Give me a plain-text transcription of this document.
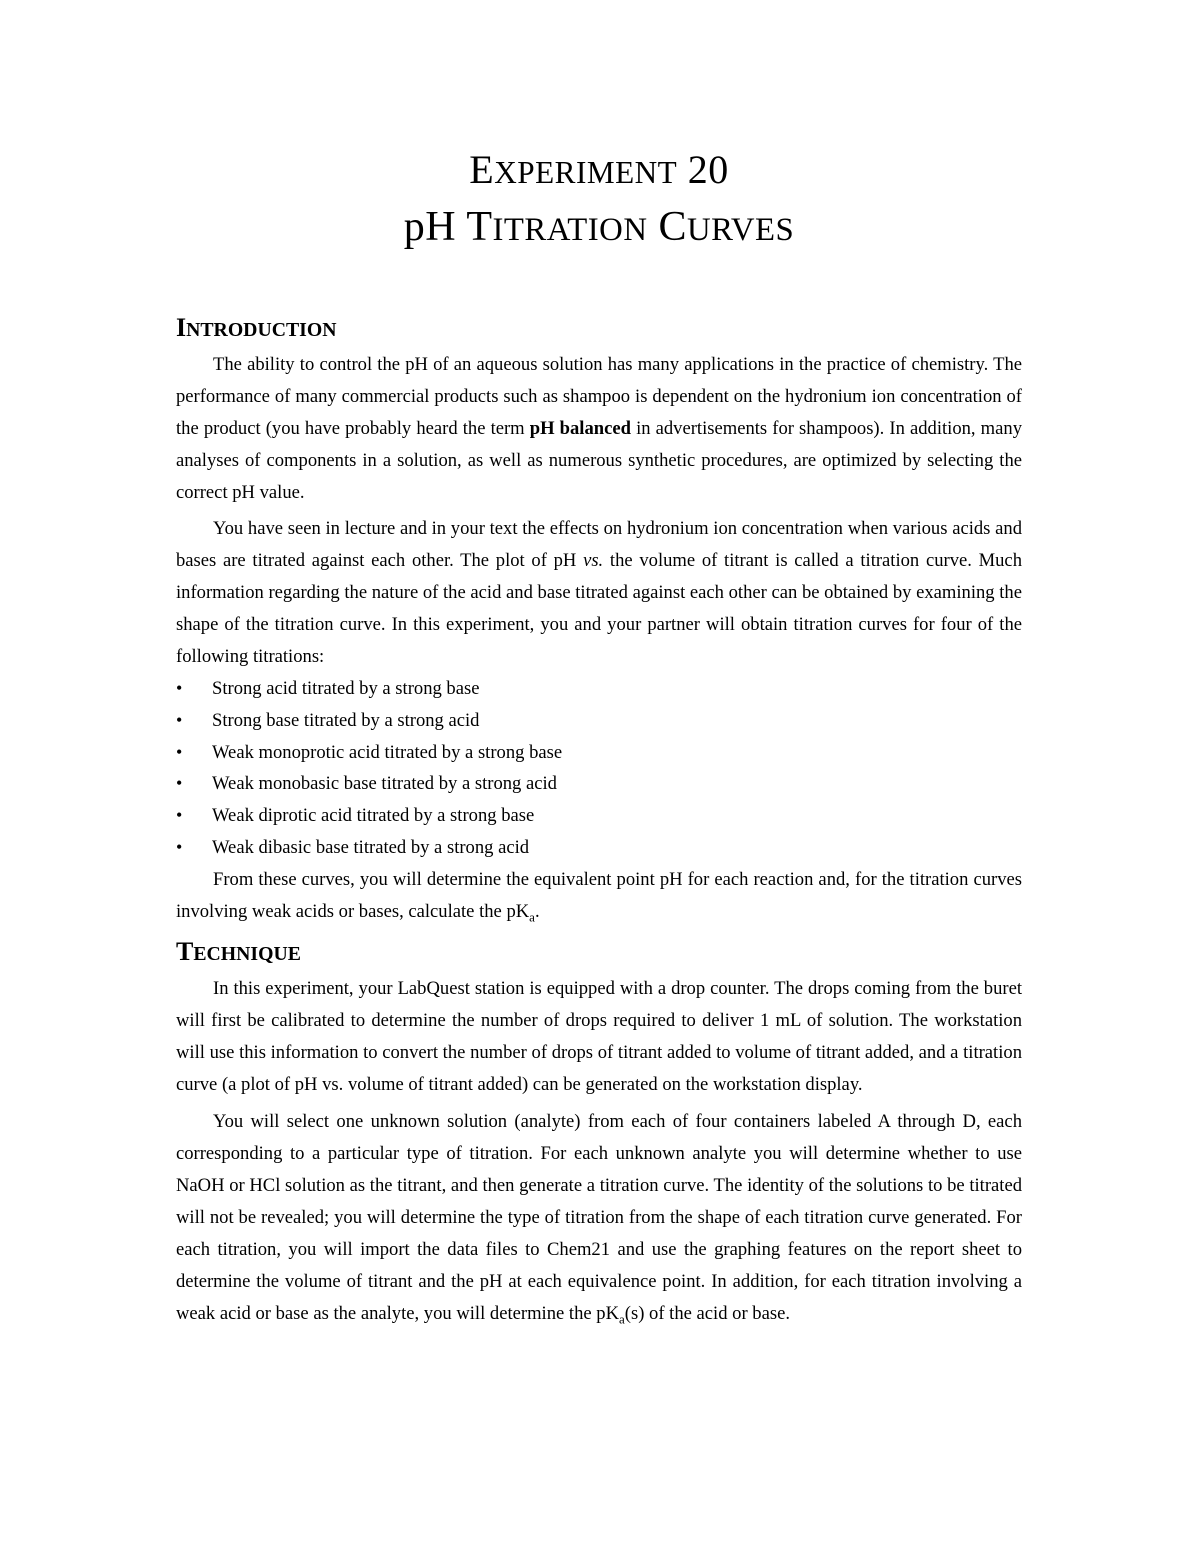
EXPERIMENT 20
pH TITRATION CURVES
INTRODUCTION

The ability to control the pH of an aqueous solution has many applications in the practice of chemistry. The performance of many commercial products such as shampoo is dependent on the hydronium ion concentration of the product (you have probably heard the term pH balanced in advertisements for shampoos). In addition, many analyses of components in a solution, as well as numerous synthetic procedures, are optimized by selecting the correct pH value.

You have seen in lecture and in your text the effects on hydronium ion concentration when various acids and bases are titrated against each other. The plot of pH vs. the volume of titrant is called a titration curve. Much information regarding the nature of the acid and base titrated against each other can be obtained by examining the shape of the titration curve. In this experiment, you and your partner will obtain titration curves for four of the following titrations:

• Strong acid titrated by a strong base
• Strong base titrated by a strong acid
• Weak monoprotic acid titrated by a strong base
• Weak monobasic base titrated by a strong acid
• Weak diprotic acid titrated by a strong base
• Weak dibasic base titrated by a strong acid

From these curves, you will determine the equivalent point pH for each reaction and, for the titration curves involving weak acids or bases, calculate the $pK_a$.

TECHNIQUE

In this experiment, your LabQuest station is equipped with a drop counter. The drops coming from the buret will first be calibrated to determine the number of drops required to deliver 1 mL of solution. The workstation will use this information to convert the number of drops of titrant added to volume of titrant added, and a titration curve (a plot of pH vs. volume of titrant added) can be generated on the workstation display.

You will select one unknown solution (analyte) from each of four containers labeled A through D, each corresponding to a particular type of titration. For each unknown analyte you will determine whether to use NaOH or HCl solution as the titrant, and then generate a titration curve. The identity of the solutions to be titrated will not be revealed; you will determine the type of titration from the shape of each titration curve generated. For each titration, you will import the data files to Chem21 and use the graphing features on the report sheet to determine the volume of titrant and the pH at each equivalence point. In addition, for each titration involving a weak acid or base as the analyte, you will determine the $pK_a(s)$ of the acid or base.
